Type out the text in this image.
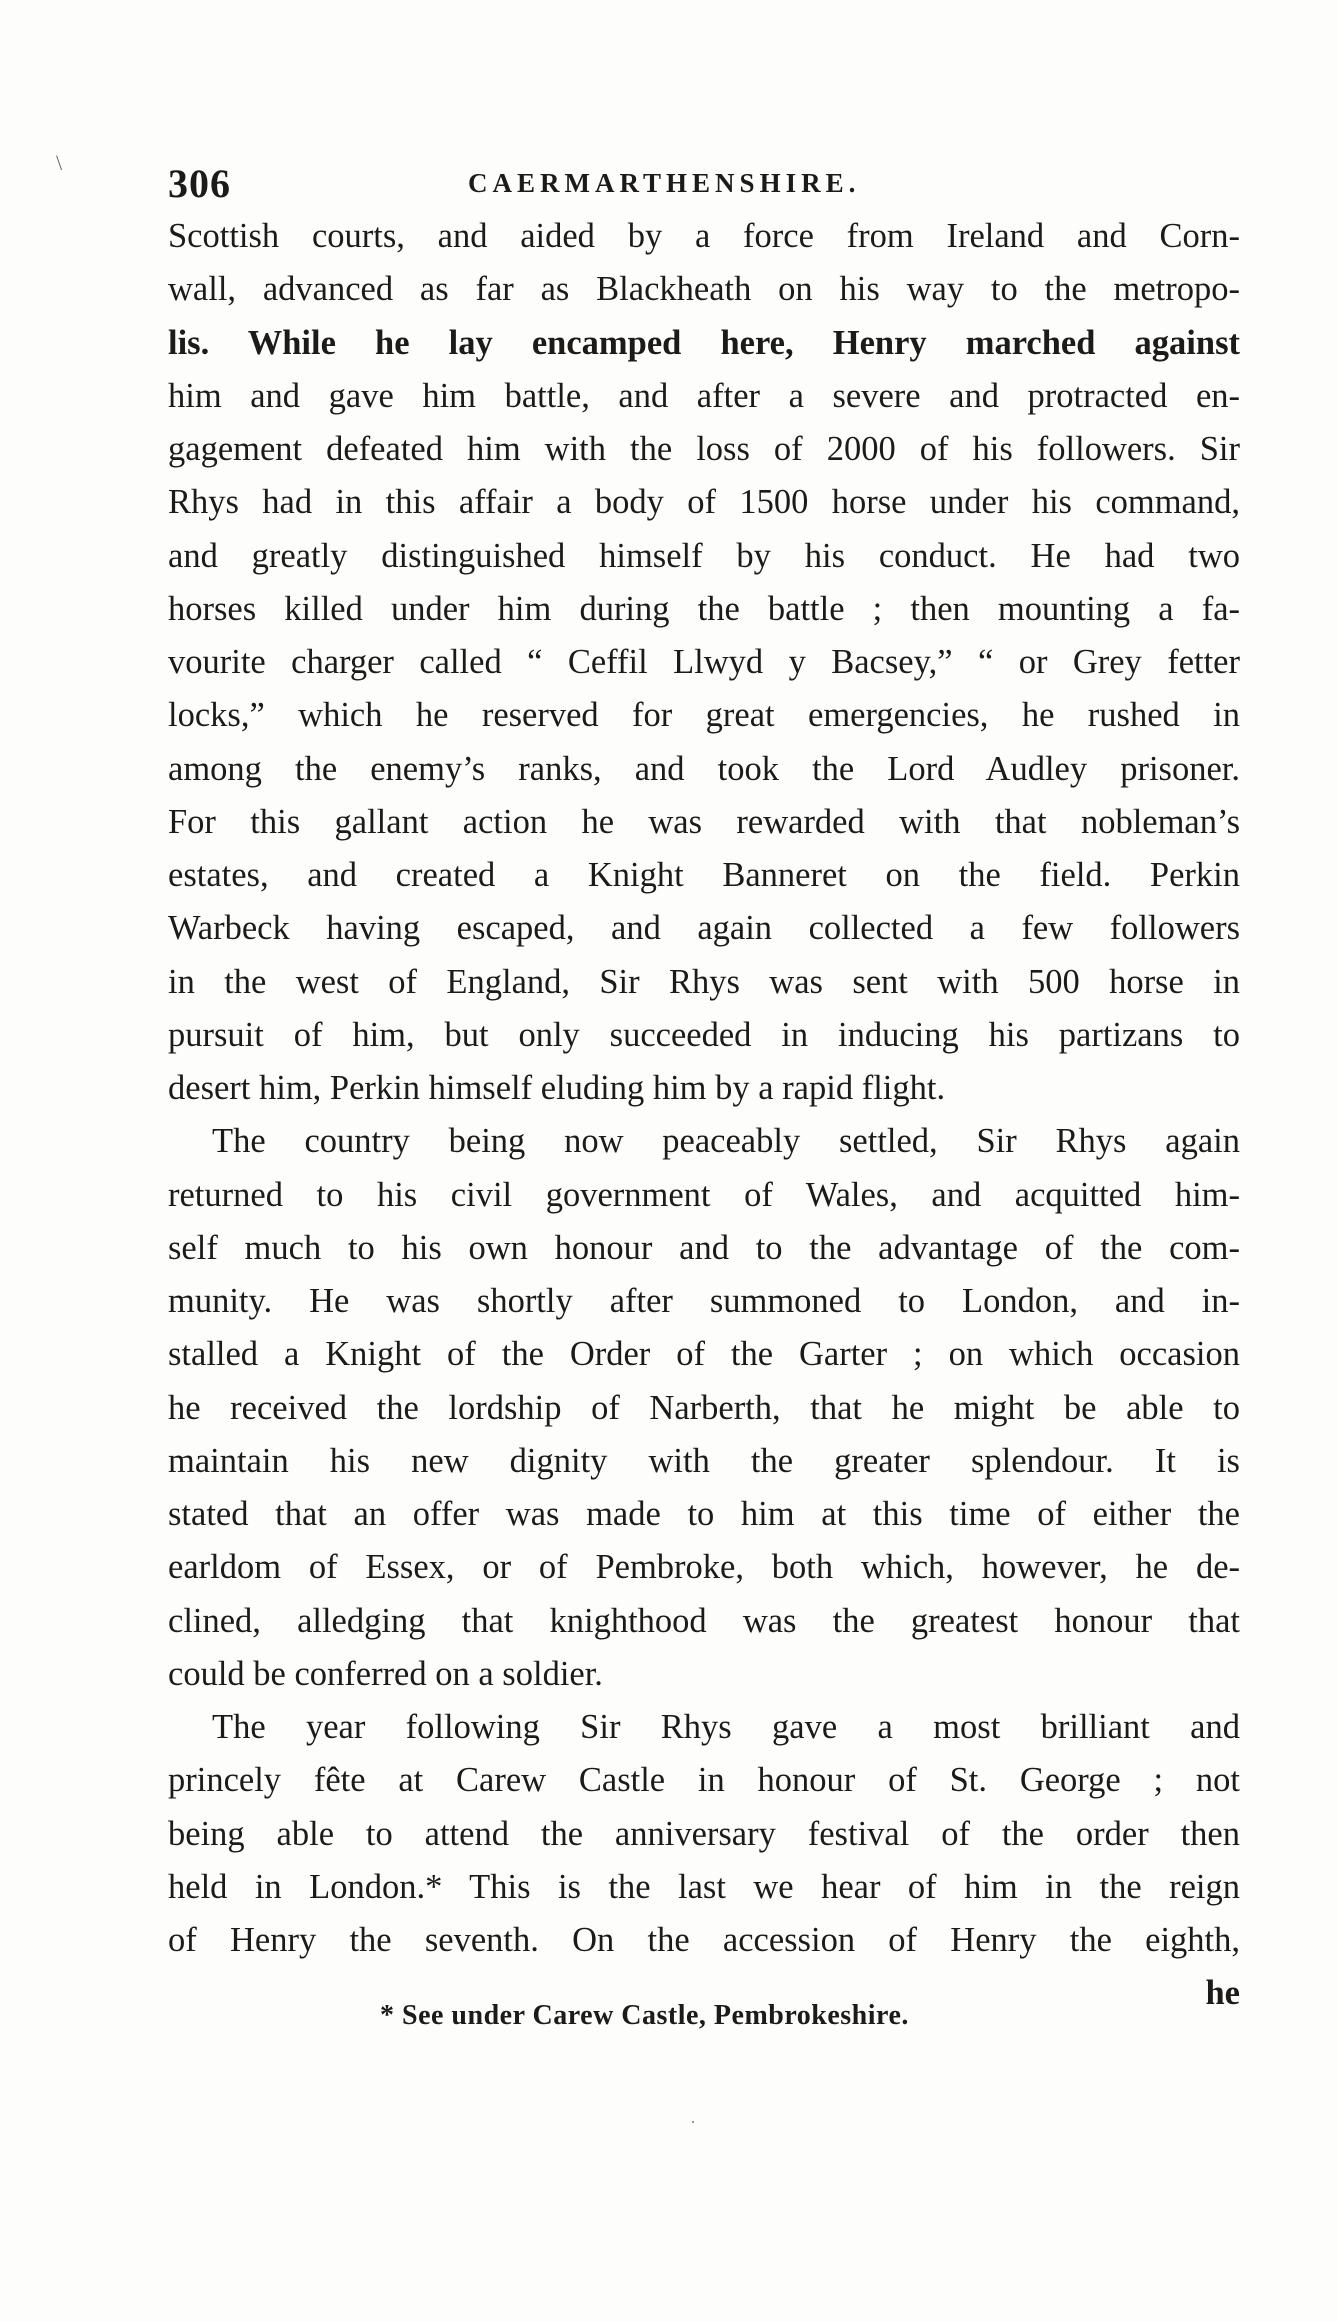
\	306	CAERMARTHENSHIRE.
Scottish courts, and aided by a force from Ireland and Corn-
wall, advanced as far as Blackheath on his way to the metropo-
lis. While he lay encamped here, Henry marched against
him and gave him battle, and after a severe and protracted en-
gagement defeated him with the loss of 2000 of his followers. Sir
Rhys had in this affair a body of 1500 horse under his command,
and greatly distinguished himself by his conduct. He had two
horses killed under him during the battle ; then mounting a fa-
vourite charger called “ Ceffil Llwyd y Bacsey,” “ or Grey fetter
locks,” which he reserved for great emergencies, he rushed in
among the enemy’s ranks, and took the Lord Audley prisoner.
For this gallant action he was rewarded with that nobleman’s
estates, and created a Knight Banneret on the field. Perkin
Warbeck having escaped, and again collected a few followers
in the west of England, Sir Rhys was sent with 500 horse in
pursuit of him, but only succeeded in inducing his partizans to
desert him, Perkin himself eluding him by a rapid flight.
The country being now peaceably settled, Sir Rhys again
returned to his civil government of Wales, and acquitted him-
self much to his own honour and to the advantage of the com-
munity. He was shortly after summoned to London, and in-
stalled a Knight of the Order of the Garter ; on which occasion
he received the lordship of Narberth, that he might be able to
maintain his new dignity with the greater splendour. It is
stated that an offer was made to him at this time of either the
earldom of Essex, or of Pembroke, both which, however, he de-
clined, alledging that knighthood was the greatest honour that
could be conferred on a soldier.
The year following Sir Rhys gave a most brilliant and
princely fête at Carew Castle in honour of St. George ; not
being able to attend the anniversary festival of the order then
held in London.* This is the last we hear of him in the reign
of Henry the seventh. On the accession of Henry the eighth,
he
* See under Carew Castle, Pembrokeshire.
·
